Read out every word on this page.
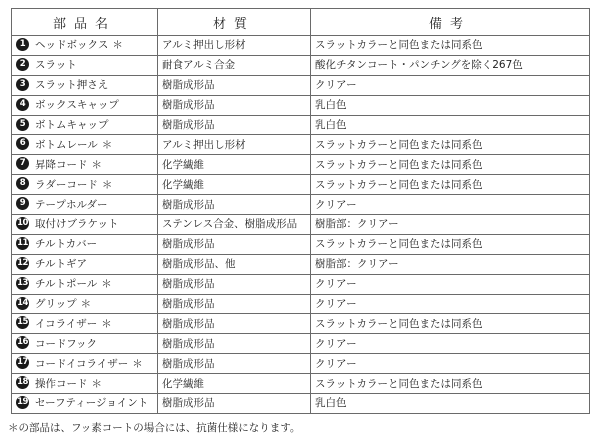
部品名	材質	備考
1 ヘッドボックス ＊	アルミ押出し形材	スラットカラーと同色または同系色
2 スラット	耐食アルミ合金	酸化チタンコート・パンチングを除く267色
3 スラット押さえ	樹脂成形品	クリアー
4 ボックスキャップ	樹脂成形品	乳白色
5 ボトムキャップ	樹脂成形品	乳白色
6 ボトムレール ＊	アルミ押出し形材	スラットカラーと同色または同系色
7 昇降コード ＊	化学繊維	スラットカラーと同色または同系色
8 ラダーコード ＊	化学繊維	スラットカラーと同色または同系色
9 テープホルダー	樹脂成形品	クリアー
10 取付けブラケット	ステンレス合金、樹脂成形品	樹脂部：クリアー
11 チルトカバー	樹脂成形品	スラットカラーと同色または同系色
12 チルトギア	樹脂成形品、他	樹脂部：クリアー
13 チルトポール ＊	樹脂成形品	クリアー
14 グリップ ＊	樹脂成形品	クリアー
15 イコライザー ＊	樹脂成形品	スラットカラーと同色または同系色
16 コードフック	樹脂成形品	クリアー
17 コードイコライザー ＊	樹脂成形品	クリアー
18 操作コード ＊	化学繊維	スラットカラーと同色または同系色
19 セーフティージョイント	樹脂成形品	乳白色
＊の部品は、フッ素コートの場合には、抗菌仕様になります。
